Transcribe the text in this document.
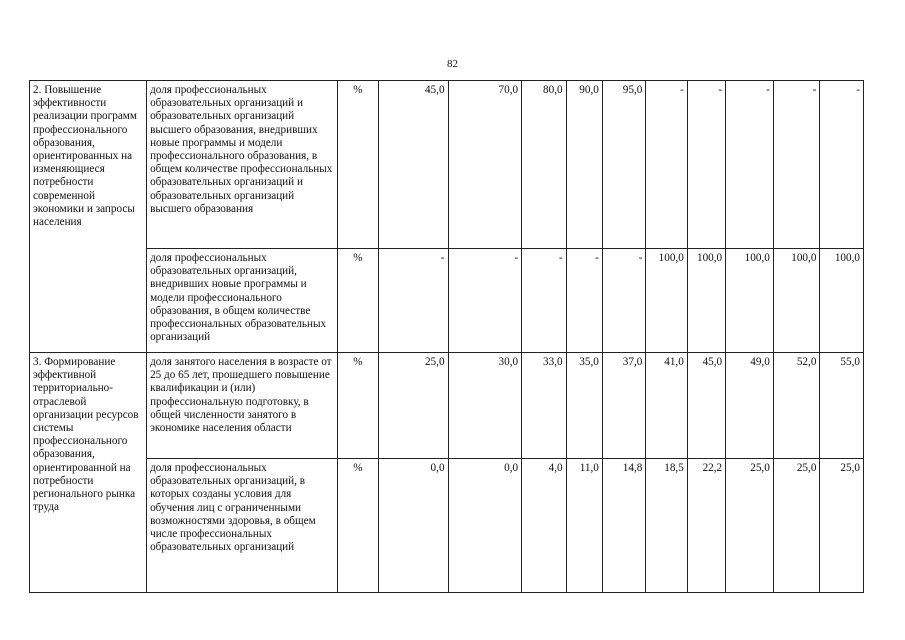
82
2. Повышение эффективности реализации программ профессионального образования, ориентированных на изменяющиеся потребности современной экономики и запросы населения	доля профессиональных образовательных организаций и образовательных организаций высшего образования, внедривших новые программы и модели профессионального образования, в общем количестве профессиональных образовательных организаций и образовательных организаций высшего образования	%	45,0	70,0	80,0	90,0	95,0	-	-	-	-	-
	доля профессиональных образовательных организаций, внедривших новые программы и модели профессионального образования, в общем количестве профессиональных образовательных организаций	%	-	-	-	-	-	100,0	100,0	100,0	100,0	100,0
3. Формирование эффективной территориально-отраслевой организации ресурсов системы профессионального образования, ориентированной на потребности регионального рынка труда	доля занятого населения в возрасте от 25 до 65 лет, прошедшего повышение квалификации и (или) профессиональную подготовку, в общей численности занятого в экономике населения области	%	25,0	30,0	33,0	35,0	37,0	41,0	45,0	49,0	52,0	55,0
	доля профессиональных образовательных организаций, в которых созданы условия для обучения лиц с ограниченными возможностями здоровья, в общем числе профессиональных образовательных организаций	%	0,0	0,0	4,0	11,0	14,8	18,5	22,2	25,0	25,0	25,0
